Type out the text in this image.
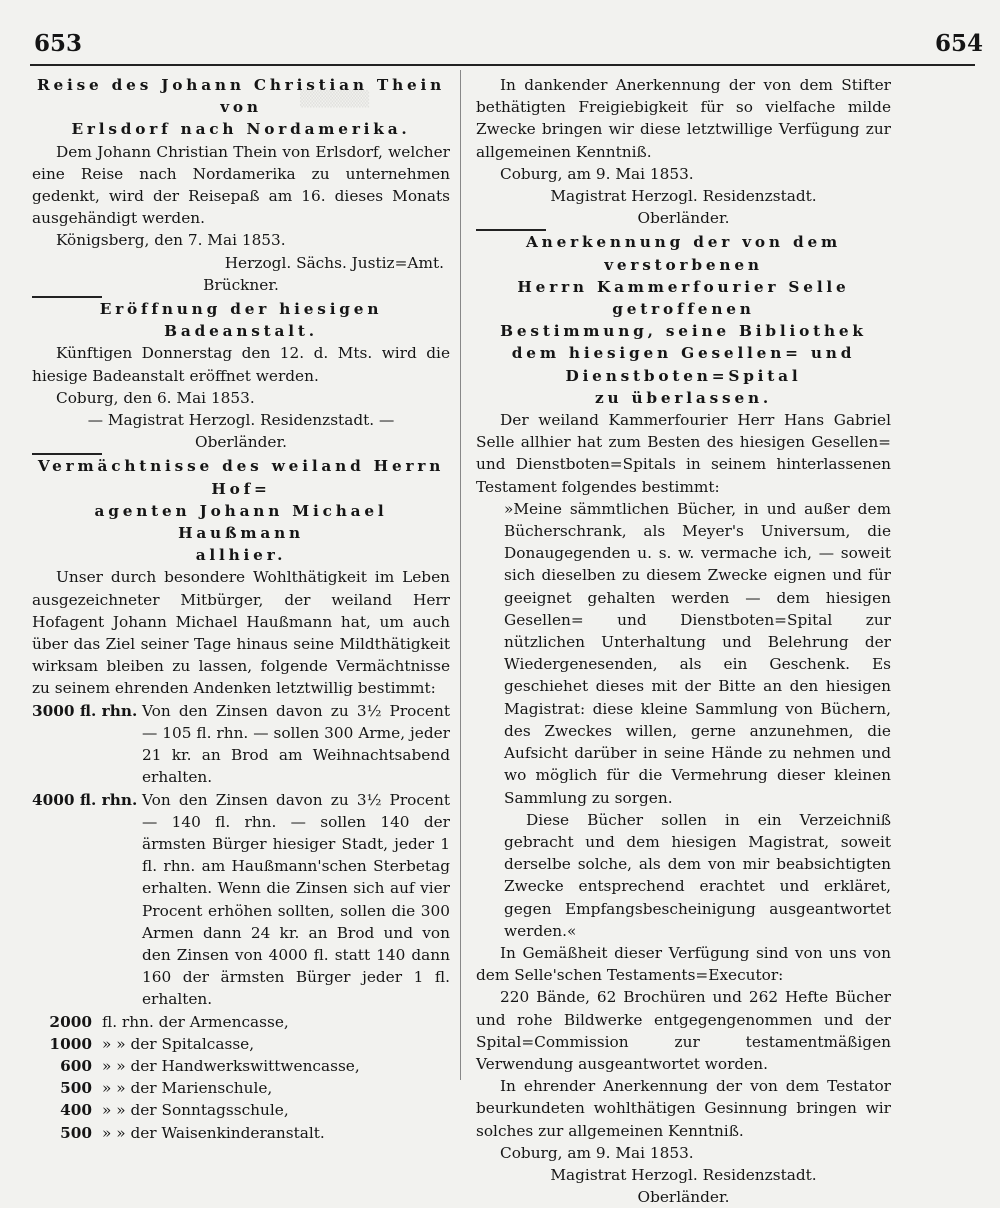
653	654
▒▒▒▒▒▒
Reise des Johann Christian Thein von
Erlsdorf nach Nordamerika.

Dem Johann Christian Thein von Erlsdorf, welcher eine Reise nach Nordamerika zu unternehmen gedenkt, wird der Reisepaß am 16. dieses Monats ausgehändigt werden.

Königsberg, den 7. Mai 1853.

Herzogl. Sächs. Justiz=Amt.

Brückner.

Eröffnung der hiesigen Badeanstalt.

Künftigen Donnerstag den 12. d. Mts. wird die hiesige Badeanstalt eröffnet werden.

Coburg, den 6. Mai 1853.

— Magistrat Herzogl. Residenzstadt. —

Oberländer.

Vermächtnisse des weiland Herrn Hof=
agenten Johann Michael Haußmann
allhier.

Unser durch besondere Wohlthätigkeit im Leben ausgezeichneter Mitbürger, der weiland Herr Hofagent Johann Michael Haußmann hat, um auch über das Ziel seiner Tage hinaus seine Mildthätigkeit wirksam bleiben zu lassen, folgende Vermächtnisse zu seinem ehrenden Andenken letztwillig bestimmt:

3000 fl. rhn. Von den Zinsen davon zu 3½ Procent — 105 fl. rhn. — sollen 300 Arme, jeder 21 kr. an Brod am Weihnachtsabend erhalten.
4000 fl. rhn. Von den Zinsen davon zu 3½ Procent — 140 fl. rhn. — sollen 140 der ärmsten Bürger hiesiger Stadt, jeder 1 fl. rhn. am Haußmann'schen Sterbetag erhalten. Wenn die Zinsen sich auf vier Procent erhöhen sollten, sollen die 300 Armen dann 24 kr. an Brod und von den Zinsen von 4000 fl. statt 140 dann 160 der ärmsten Bürger jeder 1 fl. erhalten.
2000 fl. rhn. der Armencasse,
1000 » » der Spitalcasse,
600 » » der Handwerkswittwencasse,
500 » » der Marienschule,
400 » » der Sonntagsschule,
500 » » der Waisenkinderanstalt.

In dankender Anerkennung der von dem Stifter bethätigten Freigiebigkeit für so vielfache milde Zwecke bringen wir diese letztwillige Verfügung zur allgemeinen Kenntniß.

Coburg, am 9. Mai 1853.

Magistrat Herzogl. Residenzstadt.

Oberländer.

Anerkennung der von dem verstorbenen
Herrn Kammerfourier Selle getroffenen
Bestimmung, seine Bibliothek dem hiesigen Gesellen= und Dienstboten=Spital
zu überlassen.

Der weiland Kammerfourier Herr Hans Gabriel Selle allhier hat zum Besten des hiesigen Gesellen= und Dienstboten=Spitals in seinem hinterlassenen Testament folgendes bestimmt:

»Meine sämmtlichen Bücher, in und außer dem Bücherschrank, als Meyer's Universum, die Donaugegenden u. s. w. vermache ich, — soweit sich dieselben zu diesem Zwecke eignen und für geeignet gehalten werden — dem hiesigen Gesellen= und Dienstboten=Spital zur nützlichen Unterhaltung und Belehrung der Wiedergenesenden, als ein Geschenk. Es geschiehet dieses mit der Bitte an den hiesigen Magistrat: diese kleine Sammlung von Büchern, des Zweckes willen, gerne anzunehmen, die Aufsicht darüber in seine Hände zu nehmen und wo möglich für die Vermehrung dieser kleinen Sammlung zu sorgen.

Diese Bücher sollen in ein Verzeichniß gebracht und dem hiesigen Magistrat, soweit derselbe solche, als dem von mir beabsichtigten Zwecke entsprechend erachtet und erkläret, gegen Empfangsbescheinigung ausgeantwortet werden.«

In Gemäßheit dieser Verfügung sind von uns von dem Selle'schen Testaments=Executor:

220 Bände, 62 Brochüren und 262 Hefte Bücher und rohe Bildwerke entgegengenommen und der Spital=Commission zur testamentmäßigen Verwendung ausgeantwortet worden.

In ehrender Anerkennung der von dem Testator beurkundeten wohlthätigen Gesinnung bringen wir solches zur allgemeinen Kenntniß.

Coburg, am 9. Mai 1853.

Magistrat Herzogl. Residenzstadt.

Oberländer.
